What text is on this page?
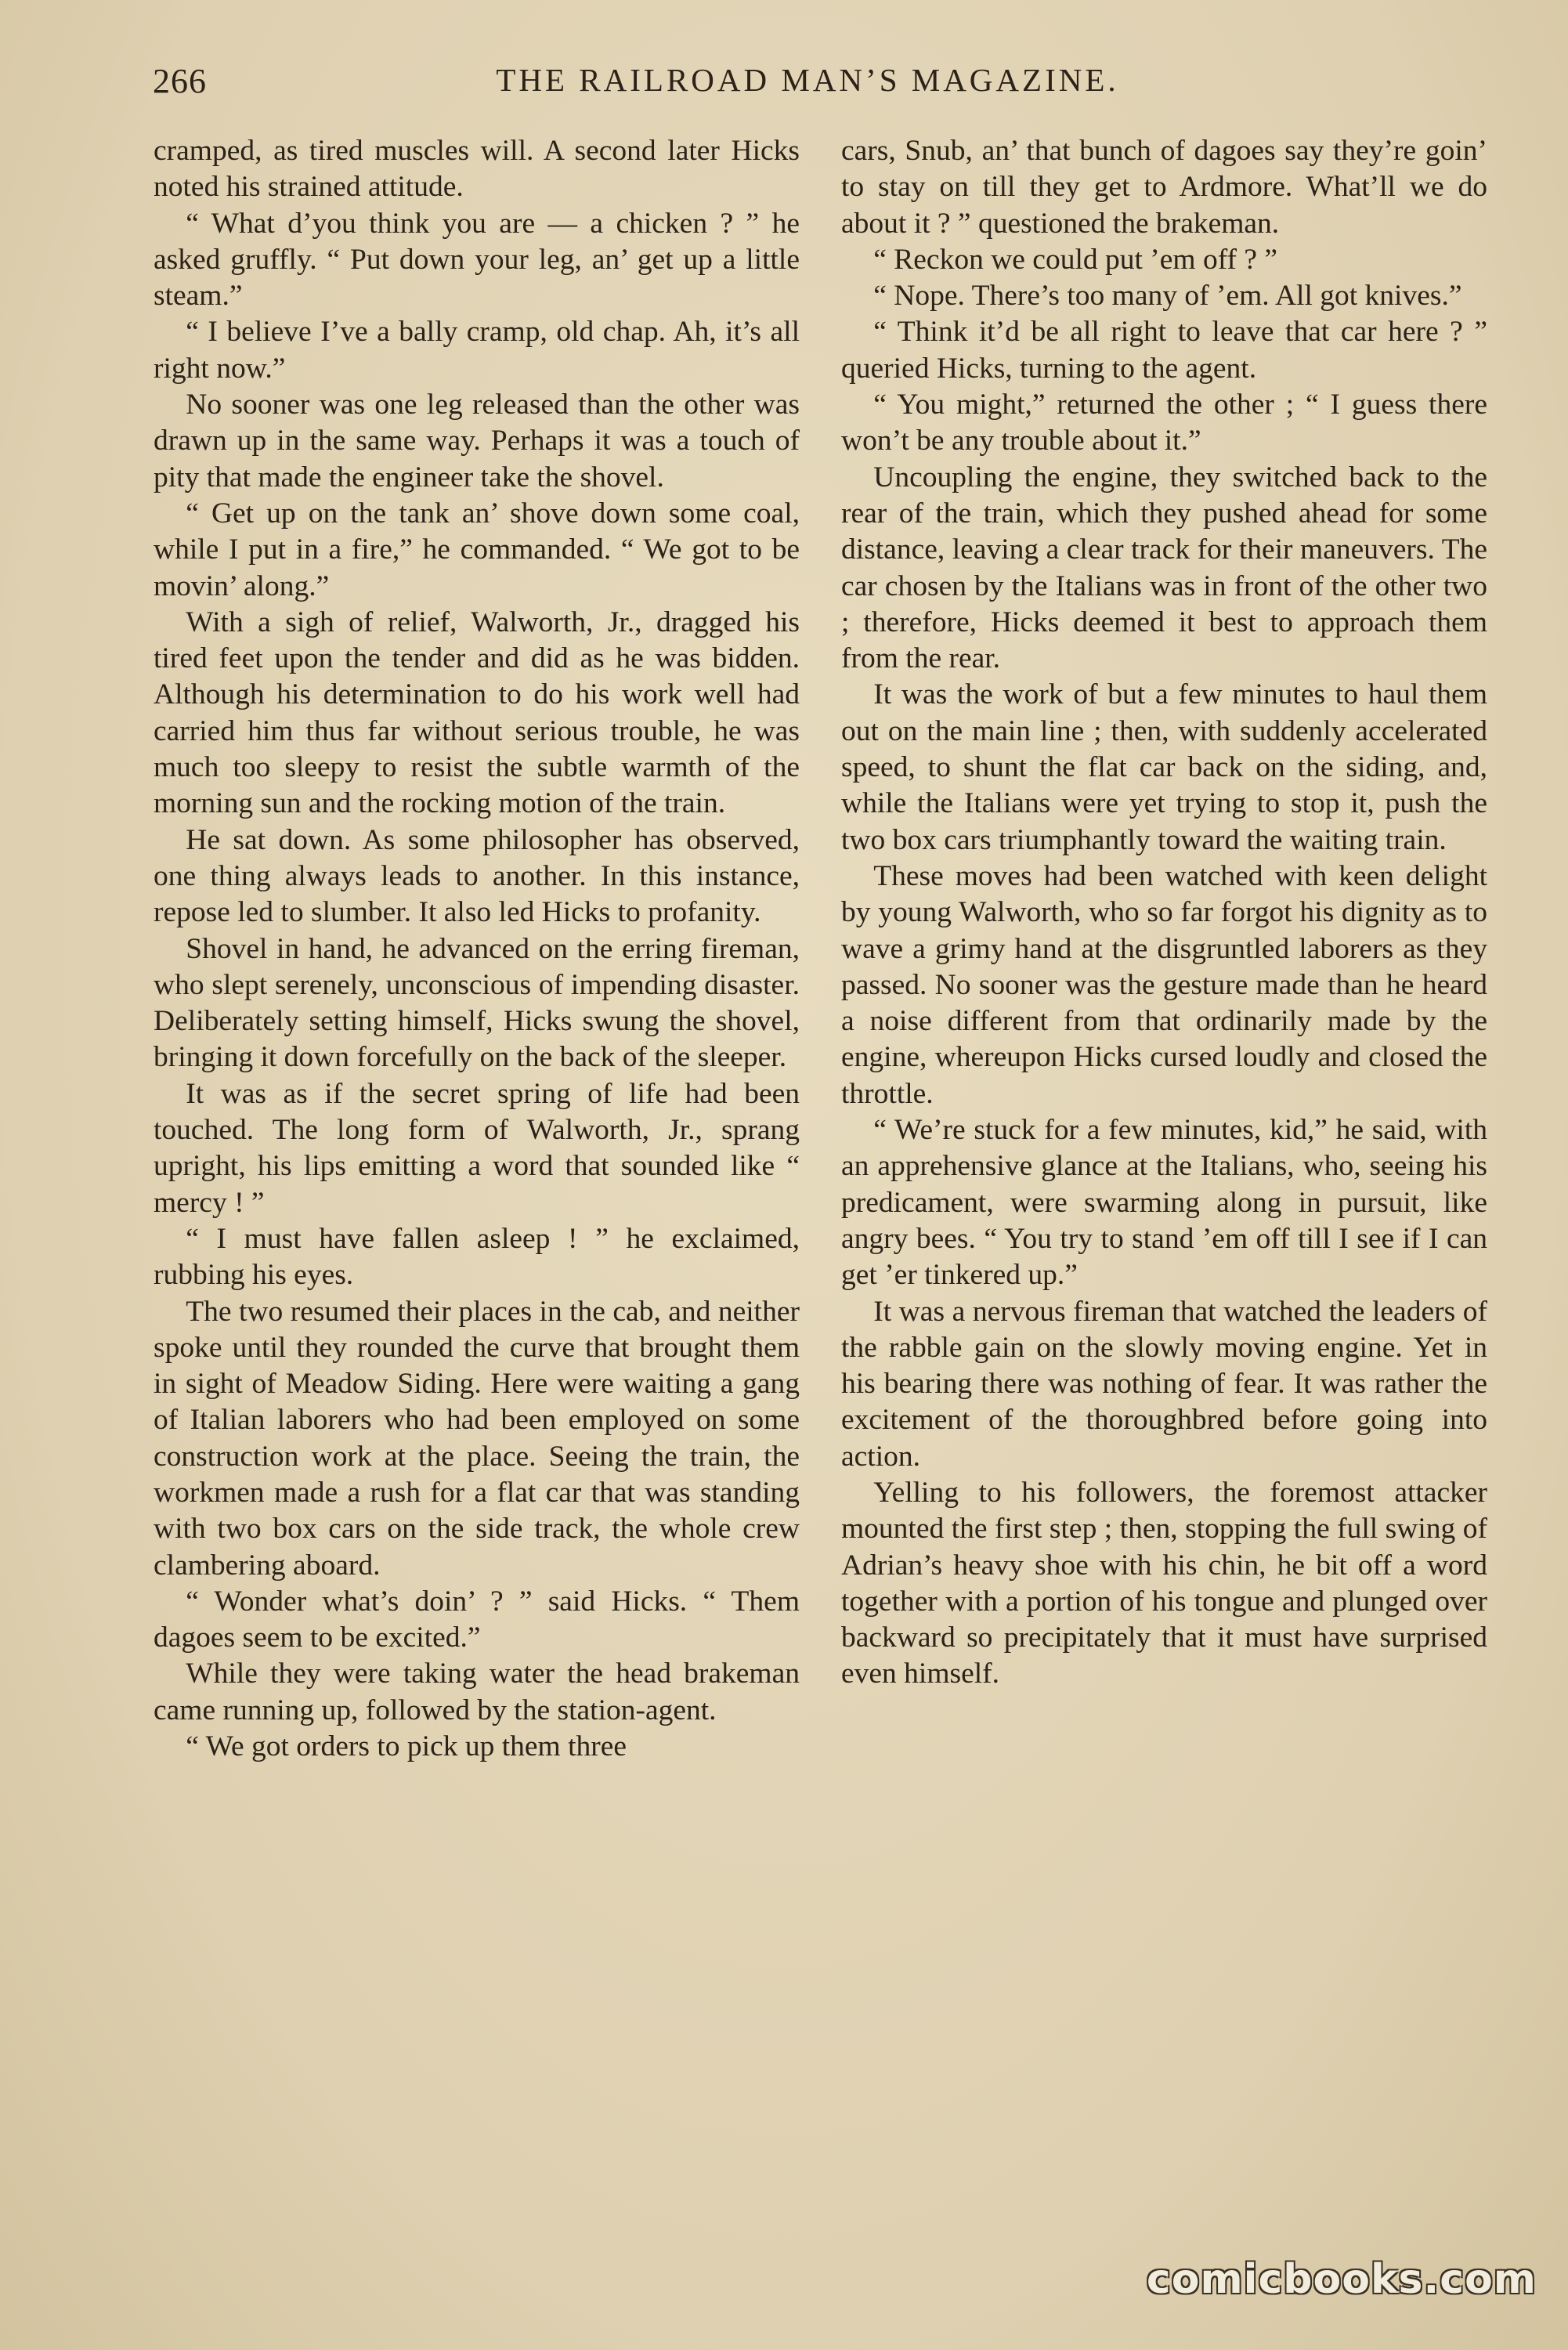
266	THE RAILROAD MAN’S MAGAZINE.

cramped, as tired muscles will. A second later Hicks noted his strained attitude.

“ What d’you think you are — a chicken ? ” he asked gruffly. “ Put down your leg, an’ get up a little steam.”

“ I believe I’ve a bally cramp, old chap. Ah, it’s all right now.”

No sooner was one leg released than the other was drawn up in the same way. Perhaps it was a touch of pity that made the engineer take the shovel.

“ Get up on the tank an’ shove down some coal, while I put in a fire,” he commanded. “ We got to be movin’ along.”

With a sigh of relief, Walworth, Jr., dragged his tired feet upon the tender and did as he was bidden. Although his determination to do his work well had carried him thus far without serious trouble, he was much too sleepy to resist the subtle warmth of the morning sun and the rocking motion of the train.

He sat down. As some philosopher has observed, one thing always leads to another. In this instance, repose led to slumber. It also led Hicks to profanity.

Shovel in hand, he advanced on the erring fireman, who slept serenely, unconscious of impending disaster. Deliberately setting himself, Hicks swung the shovel, bringing it down forcefully on the back of the sleeper.

It was as if the secret spring of life had been touched. The long form of Walworth, Jr., sprang upright, his lips emitting a word that sounded like “ mercy ! ”

“ I must have fallen asleep ! ” he exclaimed, rubbing his eyes.

The two resumed their places in the cab, and neither spoke until they rounded the curve that brought them in sight of Meadow Siding. Here were waiting a gang of Italian laborers who had been employed on some construction work at the place. Seeing the train, the workmen made a rush for a flat car that was standing with two box cars on the side track, the whole crew clambering aboard.

“ Wonder what’s doin’ ? ” said Hicks. “ Them dagoes seem to be excited.”

While they were taking water the head brakeman came running up, followed by the station-agent.

“ We got orders to pick up them three

cars, Snub, an’ that bunch of dagoes say they’re goin’ to stay on till they get to Ardmore. What’ll we do about it ? ” questioned the brakeman.

“ Reckon we could put ’em off ? ”

“ Nope. There’s too many of ’em. All got knives.”

“ Think it’d be all right to leave that car here ? ” queried Hicks, turning to the agent.

“ You might,” returned the other ; “ I guess there won’t be any trouble about it.”

Uncoupling the engine, they switched back to the rear of the train, which they pushed ahead for some distance, leaving a clear track for their maneuvers. The car chosen by the Italians was in front of the other two ; therefore, Hicks deemed it best to approach them from the rear.

It was the work of but a few minutes to haul them out on the main line ; then, with suddenly accelerated speed, to shunt the flat car back on the siding, and, while the Italians were yet trying to stop it, push the two box cars triumphantly toward the waiting train.

These moves had been watched with keen delight by young Walworth, who so far forgot his dignity as to wave a grimy hand at the disgruntled laborers as they passed. No sooner was the gesture made than he heard a noise different from that ordinarily made by the engine, whereupon Hicks cursed loudly and closed the throttle.

“ We’re stuck for a few minutes, kid,” he said, with an apprehensive glance at the Italians, who, seeing his predicament, were swarming along in pursuit, like angry bees. “ You try to stand ’em off till I see if I can get ’er tinkered up.”

It was a nervous fireman that watched the leaders of the rabble gain on the slowly moving engine. Yet in his bearing there was nothing of fear. It was rather the excitement of the thoroughbred before going into action.

Yelling to his followers, the foremost attacker mounted the first step ; then, stopping the full swing of Adrian’s heavy shoe with his chin, he bit off a word together with a portion of his tongue and plunged over backward so precipitately that it must have surprised even himself.

comicbooks.com
